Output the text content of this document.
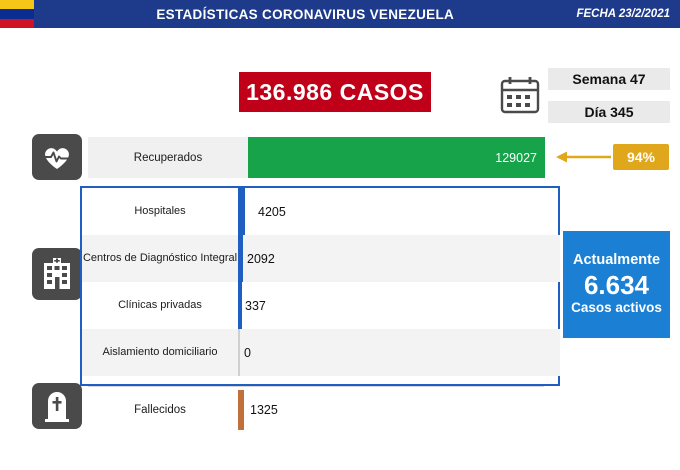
ESTADÍSTICAS CORONAVIRUS VENEZUELA	FECHA 23/2/2021
136.986 CASOS	Semana 47
Día 345
Recuperados	129027	94%
Hospitales	4205
Centros de Diagnóstico Integral 2092
Clínicas privadas	337
Aislamiento domiciliario	0
Actualmente
6.634
Casos activos
Fallecidos	1325
